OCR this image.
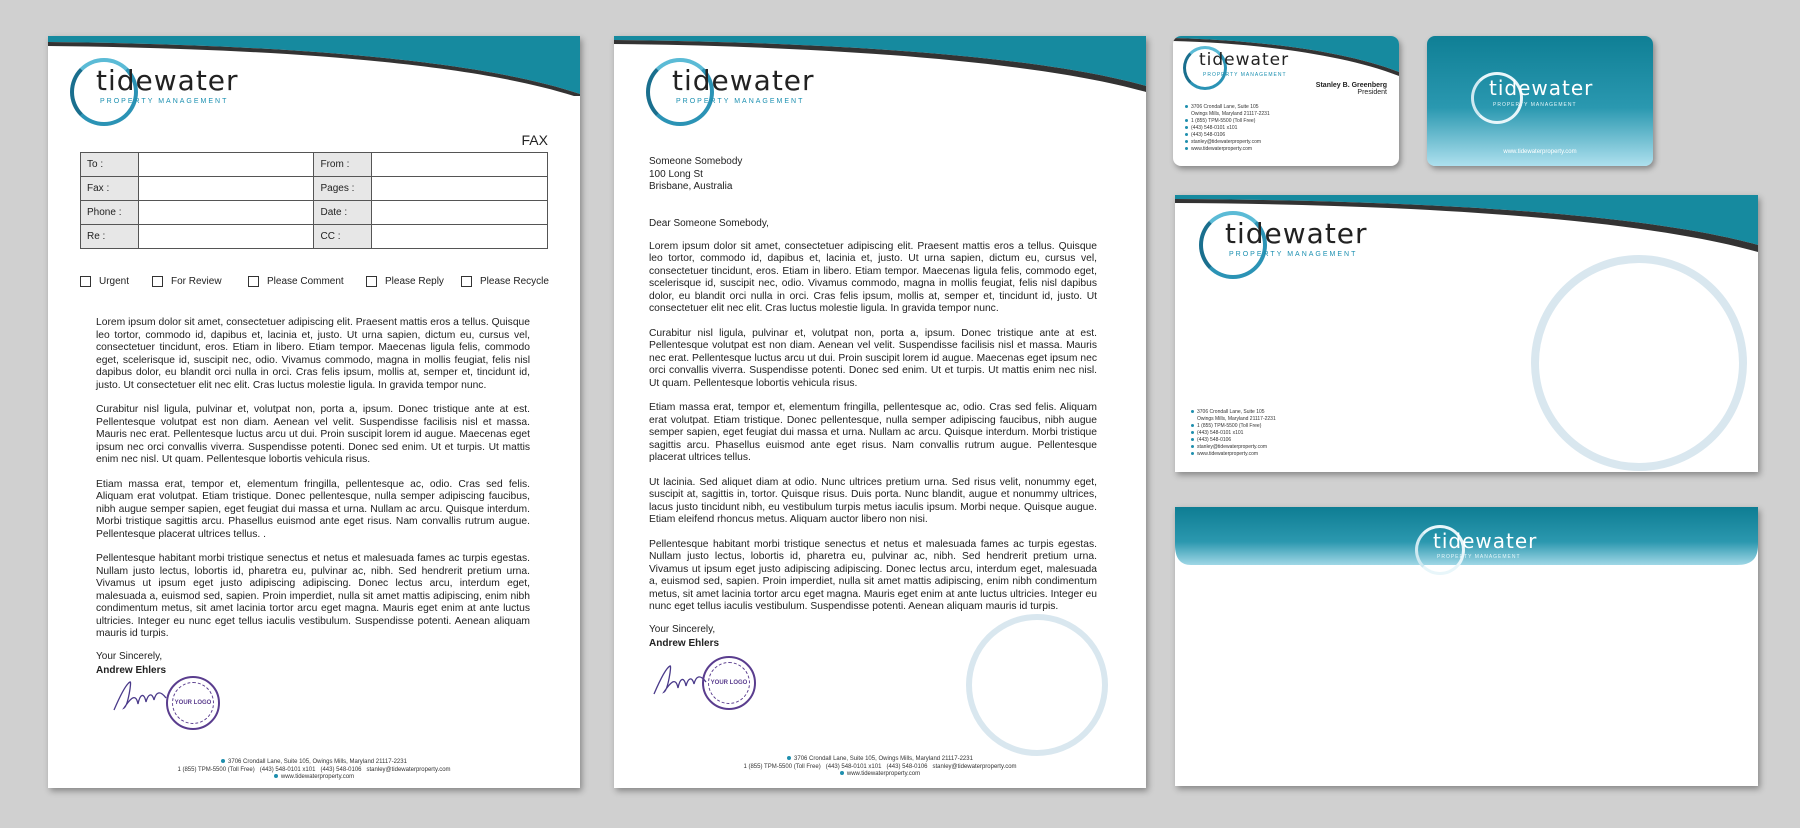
tidewater
PROPERTY MANAGEMENT
FAX
To :		From :	
Fax :		Pages :	
Phone :		Date :	
Re :		CC :	
Urgent	For Review	Please Comment	Please Reply	Please Recycle

Lorem ipsum dolor sit amet, consectetuer adipiscing elit. Praesent mattis eros a tellus. Quisque leo tortor, commodo id, dapibus et, lacinia et, justo. Ut urna sapien, dictum eu, cursus vel, consectetuer tincidunt, eros. Etiam in libero. Etiam tempor. Maecenas ligula felis, commodo eget, scelerisque id, suscipit nec, odio. Vivamus commodo, magna in mollis feugiat, felis nisl dapibus dolor, eu blandit orci nulla in orci. Cras felis ipsum, mollis at, semper et, tincidunt id, justo. Ut consectetuer elit nec elit. Cras luctus molestie ligula. In gravida tempor nunc.

Curabitur nisl ligula, pulvinar et, volutpat non, porta a, ipsum. Donec tristique ante at est. Pellentesque volutpat est non diam. Aenean vel velit. Suspendisse facilisis nisl et massa. Mauris nec erat. Pellentesque luctus arcu ut dui. Proin suscipit lorem id augue. Maecenas eget ipsum nec orci convallis viverra. Suspendisse potenti. Donec sed enim. Ut et turpis. Ut mattis enim nec nisl. Ut quam. Pellentesque lobortis vehicula risus.

Etiam massa erat, tempor et, elementum fringilla, pellentesque ac, odio. Cras sed felis. Aliquam erat volutpat. Etiam tristique. Donec pellentesque, nulla semper adipiscing faucibus, nibh augue semper sapien, eget feugiat dui massa et urna. Nullam ac arcu. Quisque interdum. Morbi tristique sagittis arcu. Phasellus euismod ante eget risus. Nam convallis rutrum augue. Pellentesque placerat ultrices tellus. .

Pellentesque habitant morbi tristique senectus et netus et malesuada fames ac turpis egestas. Nullam justo lectus, lobortis id, pharetra eu, pulvinar ac, nibh. Sed hendrerit pretium urna. Vivamus ut ipsum eget justo adipiscing adipiscing. Donec lectus arcu, interdum eget, malesuada a, euismod sed, sapien. Proin imperdiet, nulla sit amet mattis adipiscing, enim nibh condimentum metus, sit amet lacinia tortor arcu eget magna. Mauris eget enim at ante luctus ultricies. Integer eu nunc eget tellus iaculis vestibulum. Suspendisse potenti. Aenean aliquam mauris id turpis.

Your Sincerely,
Andrew Ehlers
YOUR LOGO
3706 Crondall Lane, Suite 105, Owings Mills, Maryland 21117-2231
1 (855) TPM-5500 (Toll Free) (443) 548-0101 x101 (443) 548-0106 stanley@tidewaterproperty.com
www.tidewaterproperty.com
tidewater
PROPERTY MANAGEMENT
Someone Somebody
100 Long St
Brisbane, Australia
Dear Someone Somebody,

Lorem ipsum dolor sit amet, consectetuer adipiscing elit. Praesent mattis eros a tellus. Quisque leo tortor, commodo id, dapibus et, lacinia et, justo. Ut urna sapien, dictum eu, cursus vel, consectetuer tincidunt, eros. Etiam in libero. Etiam tempor. Maecenas ligula felis, commodo eget, scelerisque id, suscipit nec, odio. Vivamus commodo, magna in mollis feugiat, felis nisl dapibus dolor, eu blandit orci nulla in orci. Cras felis ipsum, mollis at, semper et, tincidunt id, justo. Ut consectetuer elit nec elit. Cras luctus molestie ligula. In gravida tempor nunc.

Curabitur nisl ligula, pulvinar et, volutpat non, porta a, ipsum. Donec tristique ante at est. Pellentesque volutpat est non diam. Aenean vel velit. Suspendisse facilisis nisl et massa. Mauris nec erat. Pellentesque luctus arcu ut dui. Proin suscipit lorem id augue. Maecenas eget ipsum nec orci convallis viverra. Suspendisse potenti. Donec sed enim. Ut et turpis. Ut mattis enim nec nisl. Ut quam. Pellentesque lobortis vehicula risus.

Etiam massa erat, tempor et, elementum fringilla, pellentesque ac, odio. Cras sed felis. Aliquam erat volutpat. Etiam tristique. Donec pellentesque, nulla semper adipiscing faucibus, nibh augue semper sapien, eget feugiat dui massa et urna. Nullam ac arcu. Quisque interdum. Morbi tristique sagittis arcu. Phasellus euismod ante eget risus. Nam convallis rutrum augue. Pellentesque placerat ultrices tellus.

Ut lacinia. Sed aliquet diam at odio. Nunc ultrices pretium urna. Sed risus velit, nonummy eget, suscipit at, sagittis in, tortor. Quisque risus. Duis porta. Nunc blandit, augue et nonummy ultrices, lacus justo tincidunt nibh, eu vestibulum turpis metus iaculis ipsum. Morbi neque. Quisque augue. Etiam eleifend rhoncus metus. Aliquam auctor libero non nisi.

Pellentesque habitant morbi tristique senectus et netus et malesuada fames ac turpis egestas. Nullam justo lectus, lobortis id, pharetra eu, pulvinar ac, nibh. Sed hendrerit pretium urna. Vivamus ut ipsum eget justo adipiscing adipiscing. Donec lectus arcu, interdum eget, malesuada a, euismod sed, sapien. Proin imperdiet, nulla sit amet mattis adipiscing, enim nibh condimentum metus, sit amet lacinia tortor arcu eget magna. Mauris eget enim at ante luctus ultricies. Integer eu nunc eget tellus iaculis vestibulum. Suspendisse potenti. Aenean aliquam mauris id turpis.

Your Sincerely,
Andrew Ehlers
YOUR LOGO
3706 Crondall Lane, Suite 105, Owings Mills, Maryland 21117-2231
1 (855) TPM-5500 (Toll Free) (443) 548-0101 x101 (443) 548-0106 stanley@tidewaterproperty.com
www.tidewaterproperty.com
tidewater
PROPERTY MANAGEMENT
Stanley B. Greenberg
President
3706 Crondall Lane, Suite 105
Owings Mills, Maryland 21117-2231
1 (855) TPM-5500 (Toll Free)
(443) 548-0101 x101
(443) 548-0106
stanley@tidewaterproperty.com
www.tidewaterproperty.com
tidewater
PROPERTY MANAGEMENT
www.tidewaterproperty.com
tidewater
PROPERTY MANAGEMENT
3706 Crondall Lane, Suite 105
Owings Mills, Maryland 21117-2231
1 (855) TPM-5500 (Toll Free)
(443) 548-0101 x101
(443) 548-0106
stanley@tidewaterproperty.com
www.tidewaterproperty.com
tidewater
PROPERTY MANAGEMENT
